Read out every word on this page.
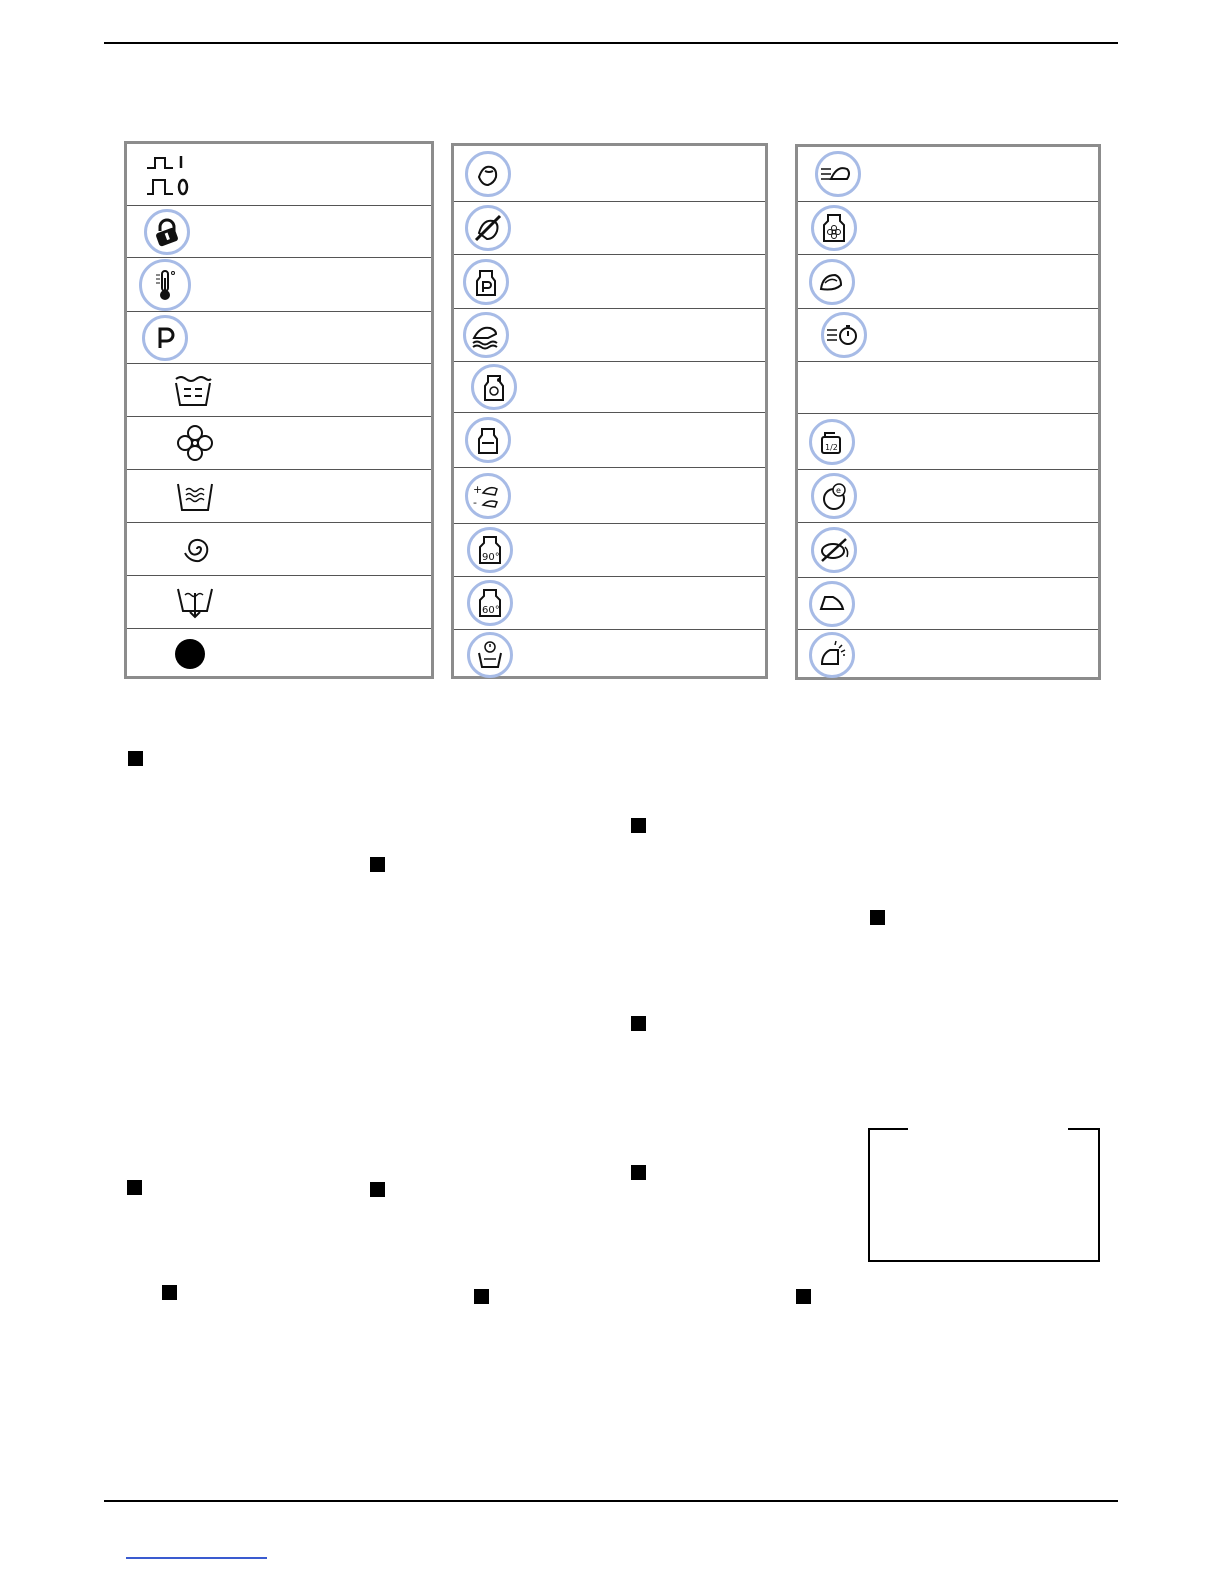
+
-
90°
60°
1/2
e
